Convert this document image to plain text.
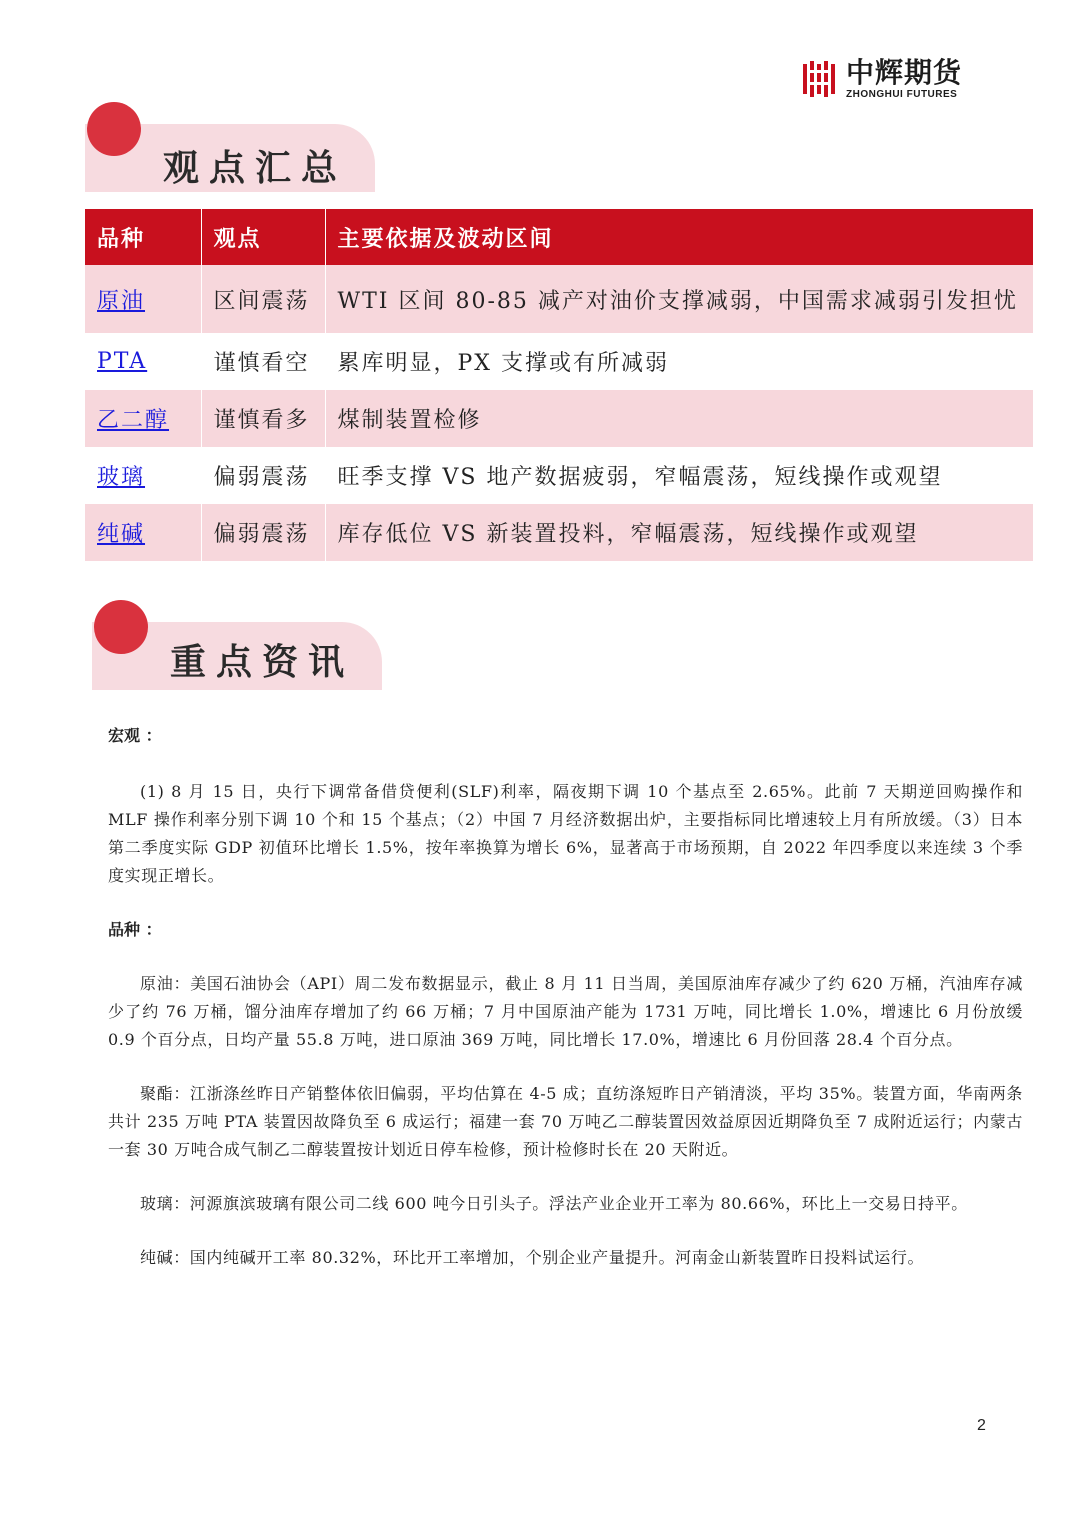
中辉期货
ZHONGHUI FUTURES
观点汇总
品种	观点	主要依据及波动区间
原油	区间震荡	WTI 区间 80-85 减产对油价支撑减弱，中国需求减弱引发担忧
PTA	谨慎看空	累库明显，PX 支撑或有所减弱
乙二醇	谨慎看多	煤制装置检修
玻璃	偏弱震荡	旺季支撑 VS 地产数据疲弱，窄幅震荡，短线操作或观望
纯碱	偏弱震荡	库存低位 VS 新装置投料，窄幅震荡，短线操作或观望
重点资讯
宏观 ：

(1) 8 月 15 日，央行下调常备借贷便利(SLF)利率，隔夜期下调 10 个基点至 2.65%。此前 7 天期逆回购操作和 MLF 操作利率分别下调 10 个和 15 个基点；（2）中国 7 月经济数据出炉，主要指标同比增速较上月有所放缓。（3）日本第二季度实际 GDP 初值环比增长 1.5%，按年率换算为增长 6%，显著高于市场预期，自 2022 年四季度以来连续 3 个季度实现正增长。

品种 ：

原油：美国石油协会（API）周二发布数据显示，截止 8 月 11 日当周，美国原油库存减少了约 620 万桶，汽油库存减少了约 76 万桶，馏分油库存增加了约 66 万桶；7 月中国原油产能为 1731 万吨，同比增长 1.0%，增速比 6 月份放缓 0.9 个百分点，日均产量 55.8 万吨，进口原油 369 万吨，同比增长 17.0%，增速比 6 月份回落 28.4 个百分点。

聚酯：江浙涤丝昨日产销整体依旧偏弱，平均估算在 4-5 成；直纺涤短昨日产销清淡，平均 35%。装置方面，华南两条共计 235 万吨 PTA 装置因故降负至 6 成运行；福建一套 70 万吨乙二醇装置因效益原因近期降负至 7 成附近运行；内蒙古一套 30 万吨合成气制乙二醇装置按计划近日停车检修，预计检修时长在 20 天附近。

玻璃：河源旗滨玻璃有限公司二线 600 吨今日引头子。浮法产业企业开工率为 80.66%，环比上一交易日持平。

纯碱：国内纯碱开工率 80.32%，环比开工率增加，个别企业产量提升。河南金山新装置昨日投料试运行。

2
